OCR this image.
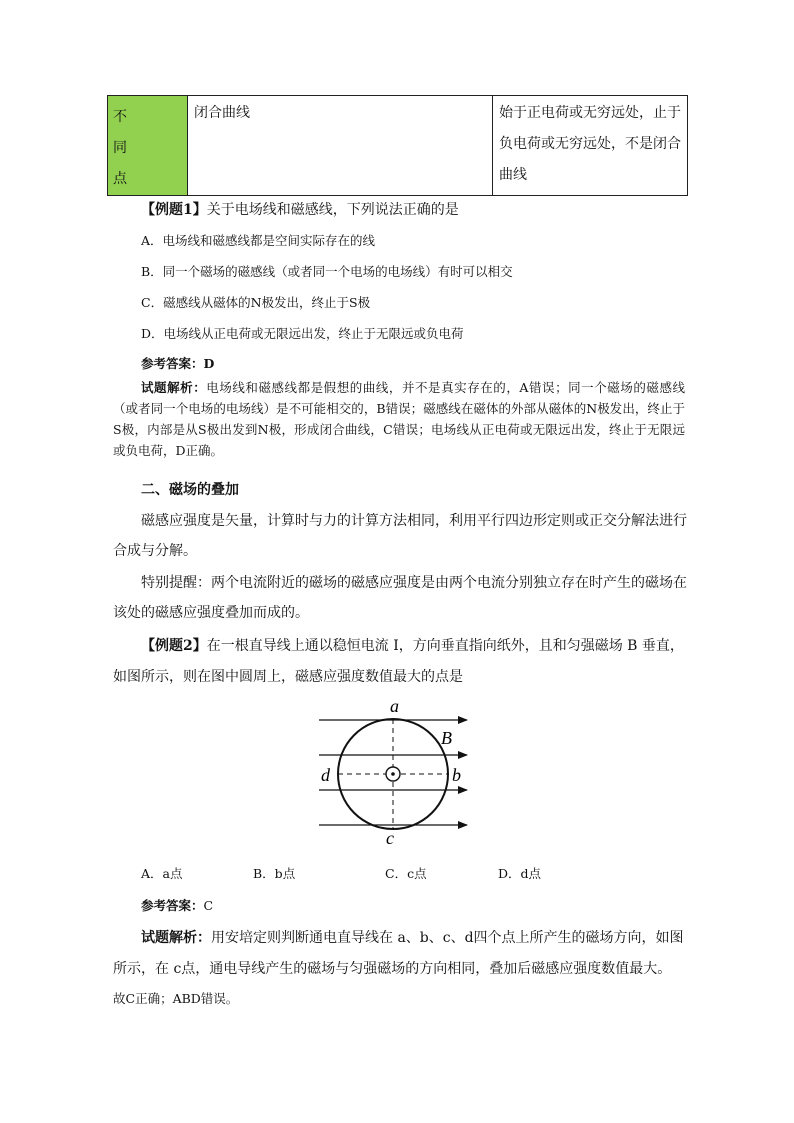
不
同
点
	闭合曲线	始于正电荷或无穷远处，止于
负电荷或无穷远处，不是闭合
曲线
【例题1】关于电场线和磁感线，下列说法正确的是
A．电场线和磁感线都是空间实际存在的线
B．同一个磁场的磁感线（或者同一个电场的电场线）有时可以相交
C．磁感线从磁体的N极发出，终止于S极
D．电场线从正电荷或无限远出发，终止于无限远或负电荷
参考答案：D
试题解析：电场线和磁感线都是假想的曲线，并不是真实存在的，A错误；同一个磁场的磁感线（或者同一个电场的电场线）是不可能相交的，B错误；磁感线在磁体的外部从磁体的N极发出，终止于S极，内部是从S极出发到N极，形成闭合曲线，C错误；电场线从正电荷或无限远出发，终止于无限远或负电荷，D正确。
二、磁场的叠加
磁感应强度是矢量，计算时与力的计算方法相同，利用平行四边形定则或正交分解法进行合成与分解。
特别提醒：两个电流附近的磁场的磁感应强度是由两个电流分别独立存在时产生的磁场在该处的磁感应强度叠加而成的。
【例题2】在一根直导线上通以稳恒电流 I，方向垂直指向纸外，且和匀强磁场 B 垂直，
如图所示，则在图中圆周上，磁感应强度数值最大的点是
a
B
d	b
c
A．a点	B．b点	C．c点	D．d点
参考答案：C
试题解析：用安培定则判断通电直导线在 a、b、c、d四个点上所产生的磁场方向，如图
所示，在 c点，通电导线产生的磁场与匀强磁场的方向相同，叠加后磁感应强度数值最大。
故C正确；ABD错误。
